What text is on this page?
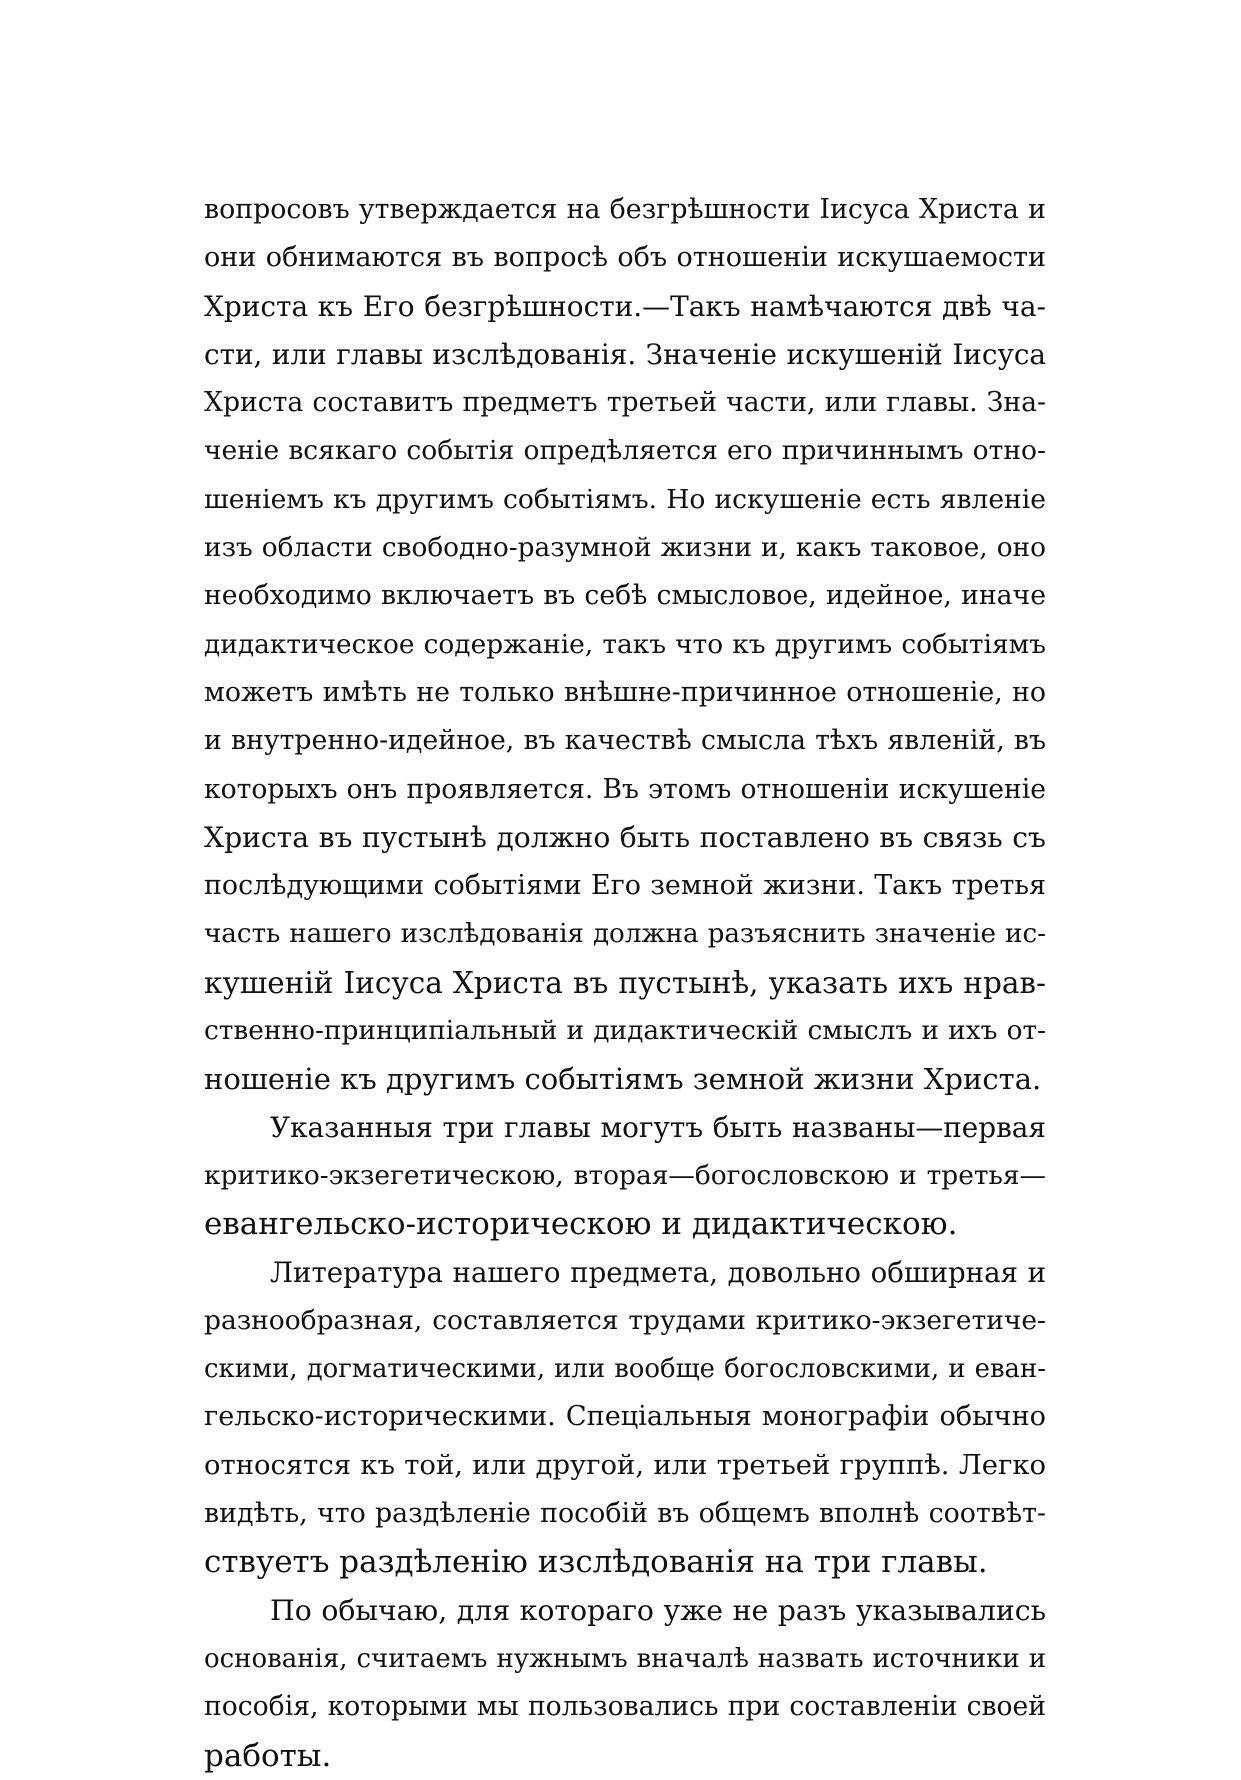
вопросовъ утверждается на безгрѣшности Іисуса Христа и
они обнимаются въ вопросѣ объ отношеніи искушаемости
Христа къ Его безгрѣшности.—Такъ намѣчаются двѣ ча-
сти, или главы изслѣдованія. Значеніе искушеній Іисуса
Христа составитъ предметъ третьей части, или главы. Зна-
ченіе всякаго событія опредѣляется его причиннымъ отно-
шеніемъ къ другимъ событіямъ. Но искушеніе есть явленіе
изъ области свободно-разумной жизни и, какъ таковое, оно
необходимо включаетъ въ себѣ смысловое, идейное, иначе
дидактическое содержаніе, такъ что къ другимъ событіямъ
можетъ имѣть не только внѣшне-причинное отношеніе, но
и внутренно-идейное, въ качествѣ смысла тѣхъ явленій, въ
которыхъ онъ проявляется. Въ этомъ отношеніи искушеніе
Христа въ пустынѣ должно быть поставлено въ связь съ
послѣдующими событіями Его земной жизни. Такъ третья
часть нашего изслѣдованія должна разъяснить значеніе ис-
кушеній Іисуса Христа въ пустынѣ, указать ихъ нрав-
ственно-принципіальный и дидактическій смыслъ и ихъ от-
ношеніе къ другимъ событіямъ земной жизни Христа.
Указанныя три главы могутъ быть названы—первая
критико-экзегетическою, вторая—богословскою и третья—
евангельско-историческою и дидактическою.
Литература нашего предмета, довольно обширная и
разнообразная, составляется трудами критико-экзегетиче-
скими, догматическими, или вообще богословскими, и еван-
гельско-историческими. Спеціальныя монографіи обычно
относятся къ той, или другой, или третьей группѣ. Легко
видѣть, что раздѣленіе пособій въ общемъ вполнѣ соотвѣт-
ствуетъ раздѣленію изслѣдованія на три главы.
По обычаю, для котораго уже не разъ указывались
основанія, считаемъ нужнымъ вначалѣ назвать источники и
пособія, которыми мы пользовались при составленіи своей
работы.
